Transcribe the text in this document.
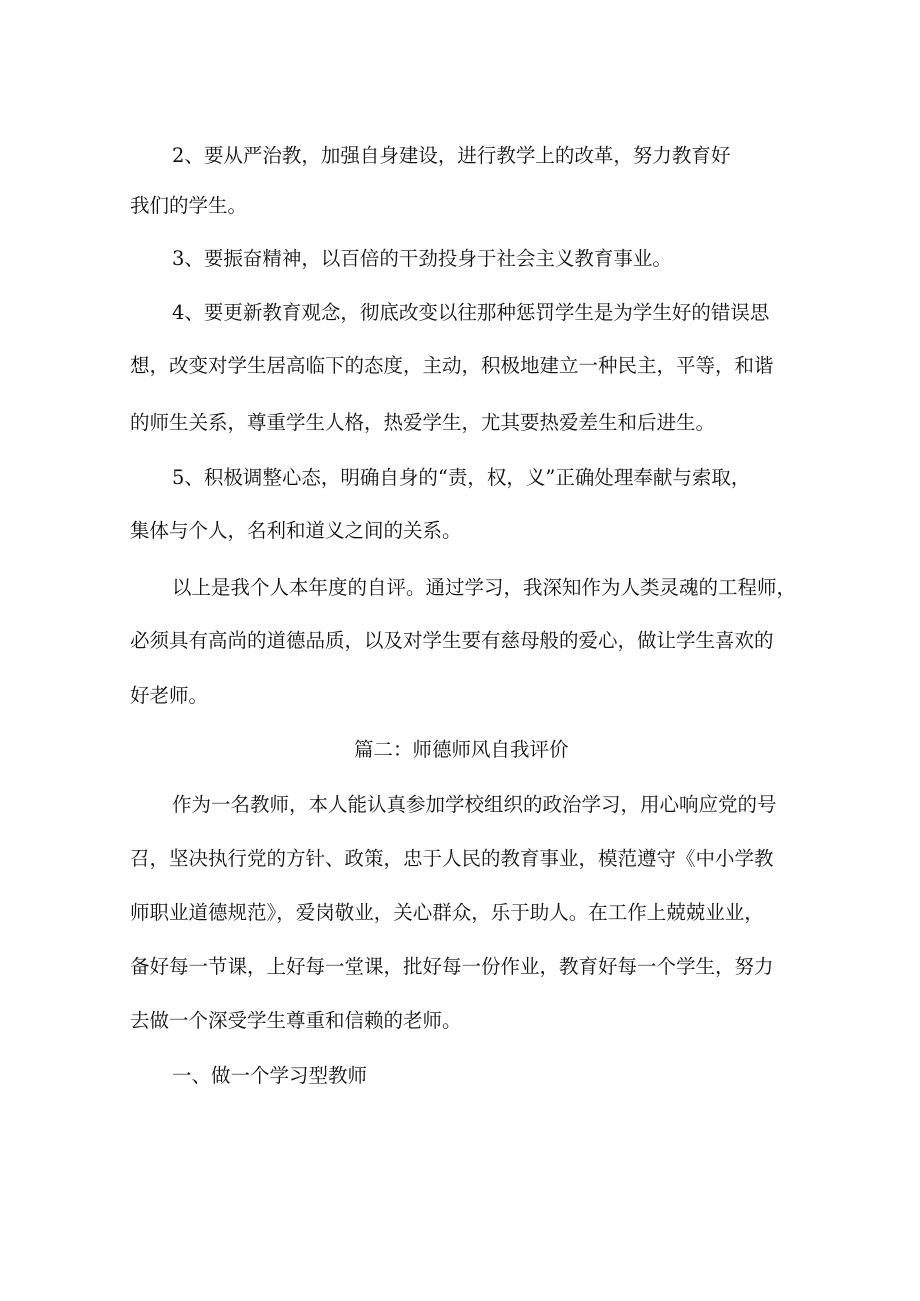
2、要从严治教，加强自身建设，进行教学上的改革，努力教育好

我们的学生。

3、要振奋精神，以百倍的干劲投身于社会主义教育事业。

4、要更新教育观念，彻底改变以往那种惩罚学生是为学生好的错误思

想，改变对学生居高临下的态度，主动，积极地建立一种民主，平等，和谐

的师生关系，尊重学生人格，热爱学生，尤其要热爱差生和后进生。

5、积极调整心态，明确自身的“责，权，义”正确处理奉献与索取，

集体与个人，名利和道义之间的关系。

以上是我个人本年度的自评。通过学习，我深知作为人类灵魂的工程师，

必须具有高尚的道德品质，以及对学生要有慈母般的爱心，做让学生喜欢的

好老师。

篇二：师德师风自我评价

作为一名教师，本人能认真参加学校组织的政治学习，用心响应党的号

召，坚决执行党的方针、政策，忠于人民的教育事业，模范遵守《中小学教

师职业道德规范》，爱岗敬业，关心群众，乐于助人。在工作上兢兢业业，

备好每一节课，上好每一堂课，批好每一份作业，教育好每一个学生，努力

去做一个深受学生尊重和信赖的老师。

一、做一个学习型教师
